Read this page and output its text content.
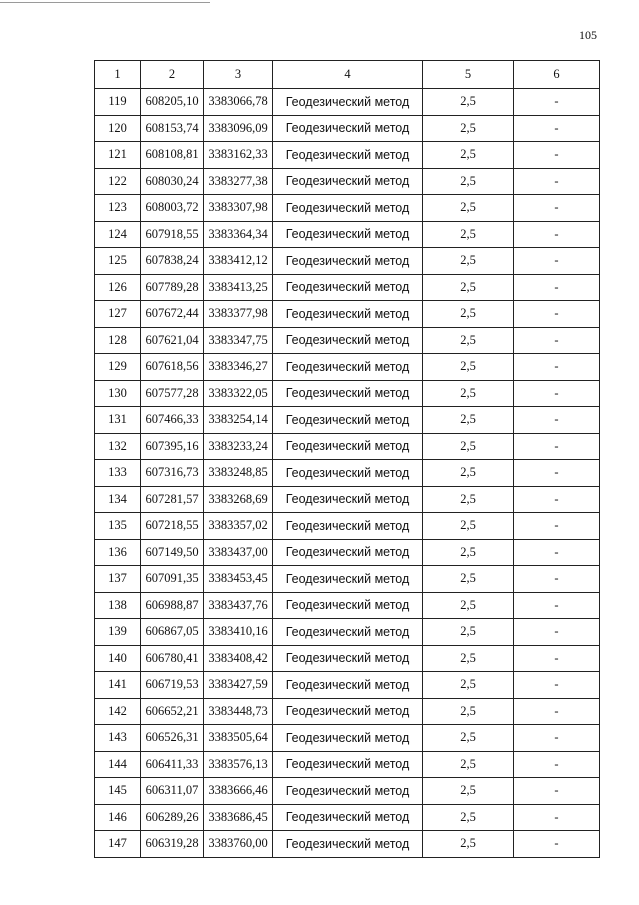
105
1	2	3	4	5	6
119	608205,10	3383066,78	Геодезический метод	2,5	-
120	608153,74	3383096,09	Геодезический метод	2,5	-
121	608108,81	3383162,33	Геодезический метод	2,5	-
122	608030,24	3383277,38	Геодезический метод	2,5	-
123	608003,72	3383307,98	Геодезический метод	2,5	-
124	607918,55	3383364,34	Геодезический метод	2,5	-
125	607838,24	3383412,12	Геодезический метод	2,5	-
126	607789,28	3383413,25	Геодезический метод	2,5	-
127	607672,44	3383377,98	Геодезический метод	2,5	-
128	607621,04	3383347,75	Геодезический метод	2,5	-
129	607618,56	3383346,27	Геодезический метод	2,5	-
130	607577,28	3383322,05	Геодезический метод	2,5	-
131	607466,33	3383254,14	Геодезический метод	2,5	-
132	607395,16	3383233,24	Геодезический метод	2,5	-
133	607316,73	3383248,85	Геодезический метод	2,5	-
134	607281,57	3383268,69	Геодезический метод	2,5	-
135	607218,55	3383357,02	Геодезический метод	2,5	-
136	607149,50	3383437,00	Геодезический метод	2,5	-
137	607091,35	3383453,45	Геодезический метод	2,5	-
138	606988,87	3383437,76	Геодезический метод	2,5	-
139	606867,05	3383410,16	Геодезический метод	2,5	-
140	606780,41	3383408,42	Геодезический метод	2,5	-
141	606719,53	3383427,59	Геодезический метод	2,5	-
142	606652,21	3383448,73	Геодезический метод	2,5	-
143	606526,31	3383505,64	Геодезический метод	2,5	-
144	606411,33	3383576,13	Геодезический метод	2,5	-
145	606311,07	3383666,46	Геодезический метод	2,5	-
146	606289,26	3383686,45	Геодезический метод	2,5	-
147	606319,28	3383760,00	Геодезический метод	2,5	-
